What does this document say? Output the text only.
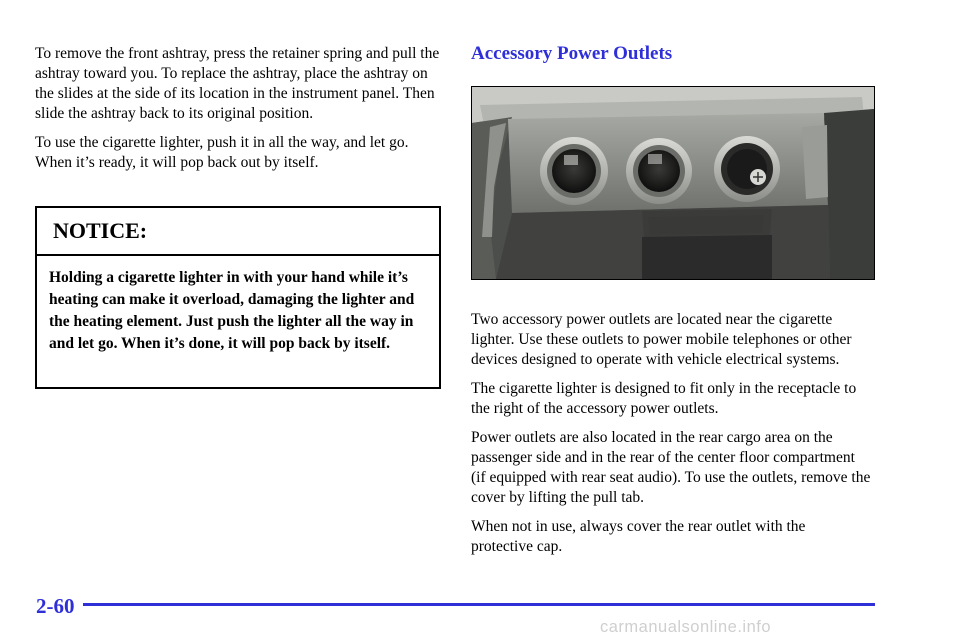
To remove the front ashtray, press the retainer spring and pull the ashtray toward you. To replace the ashtray, place the ashtray on the slides at the side of its location in the instrument panel. Then slide the ashtray back to its original position.

To use the cigarette lighter, push it in all the way, and let go. When it’s ready, it will pop back out by itself.

NOTICE:
Holding a cigarette lighter in with your hand while it’s heating can make it overload, damaging the lighter and the heating element. Just push the lighter all the way in and let go. When it’s done, it will pop back by itself.
Accessory Power Outlets

Two accessory power outlets are located near the cigarette lighter. Use these outlets to power mobile telephones or other devices designed to operate with vehicle electrical systems.

The cigarette lighter is designed to fit only in the receptacle to the right of the accessory power outlets.

Power outlets are also located in the rear cargo area on the passenger side and in the rear of the center floor compartment (if equipped with rear seat audio). To use the outlets, remove the cover by lifting the pull tab.

When not in use, always cover the rear outlet with the protective cap.

2-60
carmanualsonline.info
